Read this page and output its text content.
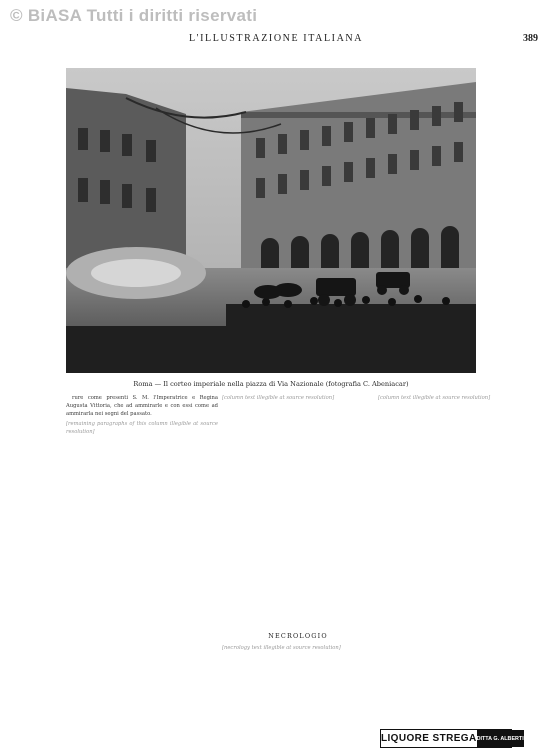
© BiASA Tutti i diritti riservati
L'ILLUSTRAZIONE ITALIANA	389
Roma — Il corteo imperiale nella piazza di Via Nazionale (fotografia C. Abeniacar)

rure come presenti S. M. l'Imperatrice e Regina Augusta Vittoria, che ad ammirarle e con essi come ad ammirarla nei segni del passato.

[remaining paragraphs of this column illegible at source resolution]

[column text illegible at source resolution]	[column text illegible at source resolution]

NECROLOGIO

[necrology text illegible at source resolution]

LIQUORE STREGA DITTA G. ALBERTI
